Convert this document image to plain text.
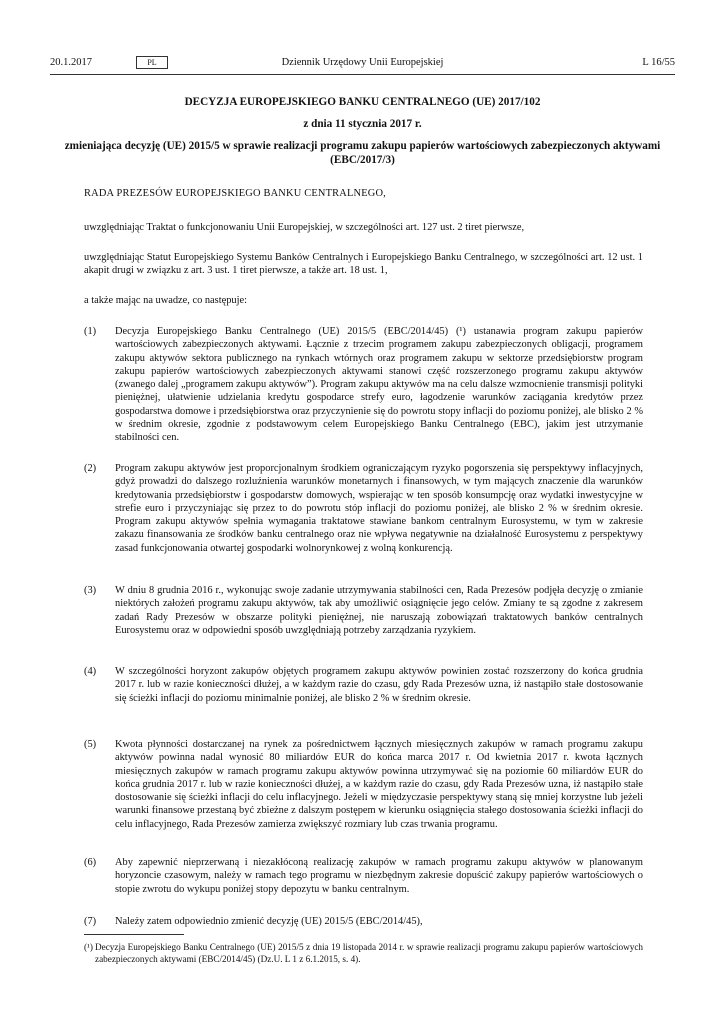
Dziennik Urzędowy Unii Europejskiej
20.1.2017	PL	L 16/55
DECYZJA EUROPEJSKIEGO BANKU CENTRALNEGO (UE) 2017/102
z dnia 11 stycznia 2017 r.
zmieniająca decyzję (UE) 2015/5 w sprawie realizacji programu zakupu papierów wartościowych zabezpieczonych aktywami (EBC/2017/3)

RADA PREZESÓW EUROPEJSKIEGO BANKU CENTRALNEGO,

uwzględniając Traktat o funkcjonowaniu Unii Europejskiej, w szczególności art. 127 ust. 2 tiret pierwsze,

uwzględniając Statut Europejskiego Systemu Banków Centralnych i Europejskiego Banku Centralnego, w szczególności art. 12 ust. 1 akapit drugi w związku z art. 3 ust. 1 tiret pierwsze, a także art. 18 ust. 1,

a także mając na uwadze, co następuje:

(1) Decyzja Europejskiego Banku Centralnego (UE) 2015/5 (EBC/2014/45) (¹) ustanawia program zakupu papierów wartościowych zabezpieczonych aktywami. Łącznie z trzecim programem zakupu zabezpieczonych obligacji, programem zakupu aktywów sektora publicznego na rynkach wtórnych oraz programem zakupu w sektorze przedsiębiorstw program zakupu papierów wartościowych zabezpieczonych aktywami stanowi część rozszerzonego programu zakupu aktywów (zwanego dalej „programem zakupu aktywów”). Program zakupu aktywów ma na celu dalsze wzmocnienie transmisji polityki pieniężnej, ułatwienie udzielania kredytu gospodarce strefy euro, łagodzenie warunków zaciągania kredytów przez gospodarstwa domowe i przedsiębiorstwa oraz przyczynienie się do powrotu stopy inflacji do poziomu poniżej, ale blisko 2 % w średnim okresie, zgodnie z podstawowym celem Europejskiego Banku Centralnego (EBC), jakim jest utrzymanie stabilności cen.

(2) Program zakupu aktywów jest proporcjonalnym środkiem ograniczającym ryzyko pogorszenia się perspektywy inflacyjnych, gdyż prowadzi do dalszego rozluźnienia warunków monetarnych i finansowych, w tym mających znaczenie dla warunków kredytowania przedsiębiorstw i gospodarstw domowych, wspierając w ten sposób konsumpcję oraz wydatki inwestycyjne w strefie euro i przyczyniając się przez to do powrotu stóp inflacji do poziomu poniżej, ale blisko 2 % w średnim okresie. Program zakupu aktywów spełnia wymagania traktatowe stawiane bankom centralnym Eurosystemu, w tym w zakresie zakazu finansowania ze środków banku centralnego oraz nie wpływa negatywnie na działalność Eurosystemu z perspektywy zasad funkcjonowania otwartej gospodarki wolnorynkowej z wolną konkurencją.

(3) W dniu 8 grudnia 2016 r., wykonując swoje zadanie utrzymywania stabilności cen, Rada Prezesów podjęła decyzję o zmianie niektórych założeń programu zakupu aktywów, tak aby umożliwić osiągnięcie jego celów. Zmiany te są zgodne z zakresem zadań Rady Prezesów w obszarze polityki pieniężnej, nie naruszają zobowiązań traktatowych banków centralnych Eurosystemu oraz w odpowiedni sposób uwzględniają potrzeby zarządzania ryzykiem.

(4) W szczególności horyzont zakupów objętych programem zakupu aktywów powinien zostać rozszerzony do końca grudnia 2017 r. lub w razie konieczności dłużej, a w każdym razie do czasu, gdy Rada Prezesów uzna, iż nastąpiło stałe dostosowanie się ścieżki inflacji do poziomu minimalnie poniżej, ale blisko 2 % w średnim okresie.

(5) Kwota płynności dostarczanej na rynek za pośrednictwem łącznych miesięcznych zakupów w ramach programu zakupu aktywów powinna nadal wynosić 80 miliardów EUR do końca marca 2017 r. Od kwietnia 2017 r. kwota łącznych miesięcznych zakupów w ramach programu zakupu aktywów powinna utrzymywać się na poziomie 60 miliardów EUR do końca grudnia 2017 r. lub w razie konieczności dłużej, a w każdym razie do czasu, gdy Rada Prezesów uzna, iż nastąpiło stałe dostosowanie się ścieżki inflacji do celu inflacyjnego. Jeżeli w międzyczasie perspektywy staną się mniej korzystne lub jeżeli warunki finansowe przestaną być zbieżne z dalszym postępem w kierunku osiągnięcia stałego dostosowania ścieżki inflacji do celu inflacyjnego, Rada Prezesów zamierza zwiększyć rozmiary lub czas trwania programu.

(6) Aby zapewnić nieprzerwaną i niezakłóconą realizację zakupów w ramach programu zakupu aktywów w planowanym horyzoncie czasowym, należy w ramach tego programu w niezbędnym zakresie dopuścić zakupy papierów wartościowych o stopie zwrotu do wykupu poniżej stopy depozytu w banku centralnym.

(7) Należy zatem odpowiednio zmienić decyzję (UE) 2015/5 (EBC/2014/45),

(¹) Decyzja Europejskiego Banku Centralnego (UE) 2015/5 z dnia 19 listopada 2014 r. w sprawie realizacji programu zakupu papierów wartościowych zabezpieczonych aktywami (EBC/2014/45) (Dz.U. L 1 z 6.1.2015, s. 4).
